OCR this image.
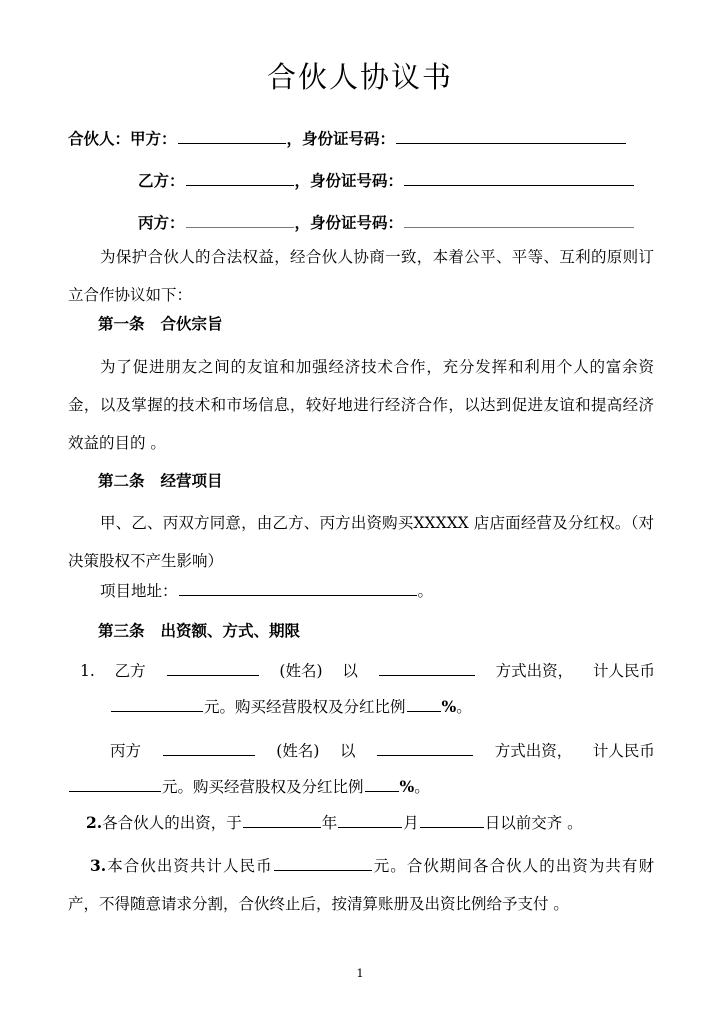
合伙人协议书
合伙人：甲方：	，身份证号码：
乙方：	，身份证号码：
丙方：	，身份证号码：
为保护合伙人的合法权益，经合伙人协商一致，本着公平、平等、互利的原则订立合作协议如下：
第一条 合伙宗旨
为了促进朋友之间的友谊和加强经济技术合作，充分发挥和利用个人的富余资金，以及掌握的技术和市场信息，较好地进行经济合作，以达到促进友谊和提高经济效益的目的 。
第二条 经营项目
甲、乙、丙双方同意，由乙方、丙方出资购买XXXXX 店店面经营及分红权。（对决策股权不产生影响）
项目地址：	。
第三条 出资额、方式、期限
1. 乙方	(姓名) 以	方式出资， 计人民币
元。购买经营股权及分红比例 %。
丙方	(姓名) 以	方式出资， 计人民币
元。购买经营股权及分红比例 %。
2.各合伙人的出资，于	年	月	日以前交齐 。
3.本合伙出资共计人民币	元。合伙期间各合伙人的出资为共有财产，不得随意请求分割，合伙终止后，按清算账册及出资比例给予支付 。
1
